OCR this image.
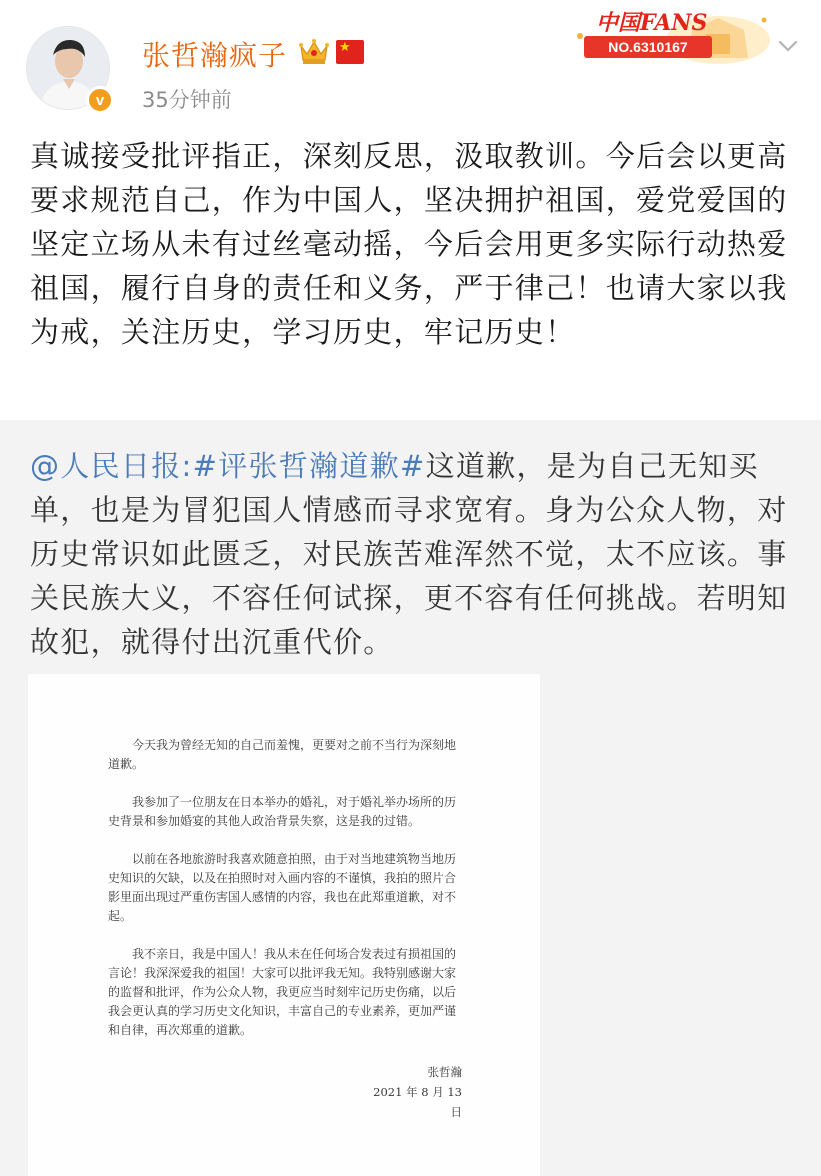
v
张哲瀚疯子	★
35分钟前
中国FANS
NO.6310167
真诚接受批评指正，深刻反思，汲取教训。今后会以更高要求规范自己，作为中国人，坚决拥护祖国，爱党爱国的坚定立场从未有过丝毫动摇，今后会用更多实际行动热爱祖国，履行自身的责任和义务，严于律己！也请大家以我为戒，关注历史，学习历史，牢记历史！
@人民日报:#评张哲瀚道歉#这道歉，是为自己无知买单，也是为冒犯国人情感而寻求宽宥。身为公众人物，对历史常识如此匮乏，对民族苦难浑然不觉，太不应该。事关民族大义，不容任何试探，更不容有任何挑战。若明知故犯，就得付出沉重代价。

今天我为曾经无知的自己而羞愧，更要对之前不当行为深刻地道歉。

我参加了一位朋友在日本举办的婚礼，对于婚礼举办场所的历史背景和参加婚宴的其他人政治背景失察，这是我的过错。

以前在各地旅游时我喜欢随意拍照，由于对当地建筑物当地历史知识的欠缺，以及在拍照时对入画内容的不谨慎，我拍的照片合影里面出现过严重伤害国人感情的内容，我也在此郑重道歉，对不起。

我不亲日，我是中国人！我从未在任何场合发表过有损祖国的言论！我深深爱我的祖国！大家可以批评我无知。我特别感谢大家的监督和批评，作为公众人物，我更应当时刻牢记历史伤痛，以后我会更认真的学习历史文化知识，丰富自己的专业素养，更加严谨和自律，再次郑重的道歉。

张哲瀚
2021 年 8 月 13 日
